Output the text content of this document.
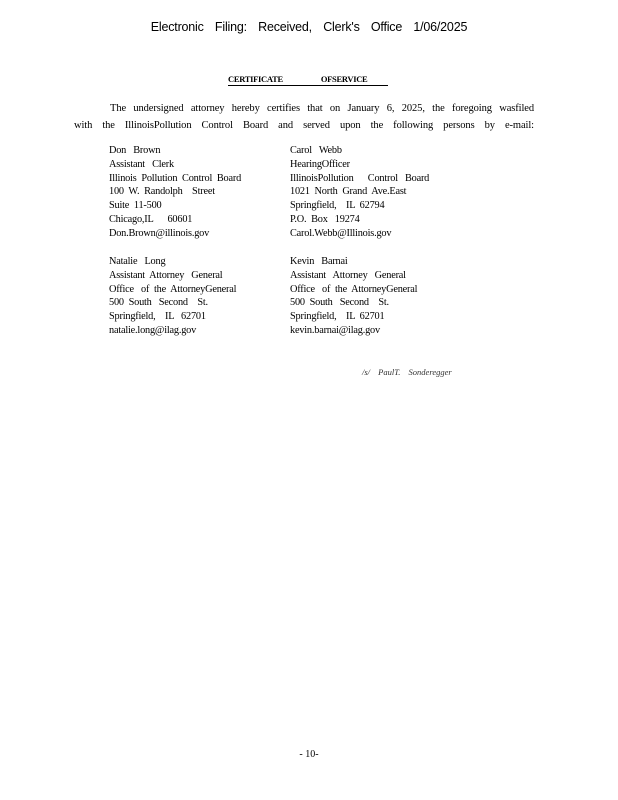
Electronic Filing: Received, Clerk's Office 1/06/2025
CERTIFICATE	OFSERVICE
The undersigned attorney hereby certifies that on January 6, 2025, the foregoing wasfiled
with the IllinoisPollution Control Board and served upon the following persons by e-mail:
Don   Brown
Assistant   Clerk
Illinois  Pollution  Control  Board
100  W.  Randolph    Street
Suite  11-500
Chicago,IL      60601
Don.Brown@illinois.gov
Carol   Webb
HearingOfficer
IllinoisPollution      Control   Board
1021  North  Grand  Ave.East
Springfield,    IL  62794
P.O.  Box   19274
Carol.Webb@Illinois.gov
Natalie   Long
Assistant  Attorney   General
Office   of  the  AttorneyGeneral
500  South   Second    St.
Springfield,    IL   62701
natalie.long@ilag.gov
Kevin   Barnai
Assistant   Attorney   General
Office   of  the  AttorneyGeneral
500  South   Second    St.
Springfield,    IL  62701
kevin.barnai@ilag.gov
/s/ PaulT. Sonderegger
- 10-
